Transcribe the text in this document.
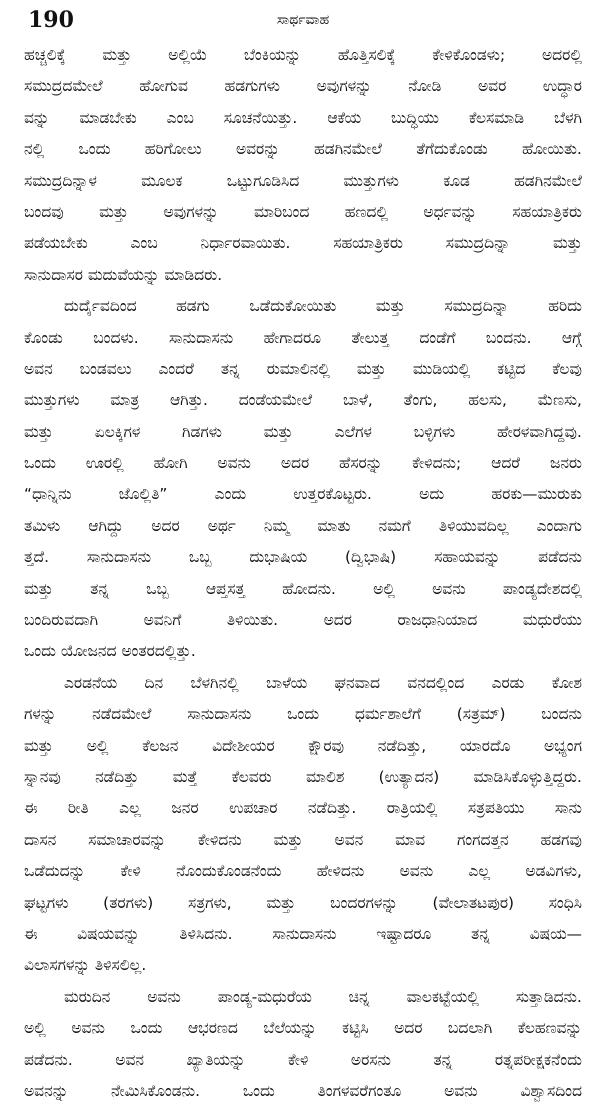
190	ಸಾರ್ಥವಾಹ
ಹಚ್ಚಲಿಕ್ಕೆ ಮತ್ತು ಅಲ್ಲಿಯೆ ಬೆಂಕಿಯನ್ನು ಹೊತ್ತಿಸಲಿಕ್ಕೆ ಕೇಳಿಕೊಂಡಳು; ಅದರಲ್ಲಿ
ಸಮುದ್ರದಮೇಲೆ ಹೋಗುವ ಹಡಗುಗಳು ಅವುಗಳನ್ನು ನೋಡಿ ಅವರ ಉದ್ಧಾರ
ವನ್ನು ಮಾಡಬೇಕು ಎಂಬ ಸೂಚನೆಯಿತ್ತು. ಆಕೆಯ ಬುದ್ಧಿಯು ಕೆಲಸಮಾಡಿ ಬೆಳಗಿ
ನಲ್ಲಿ ಒಂದು ಹರಿಗೋಲು ಅವರನ್ನು ಹಡಗಿನಮೇಲೆ ತೆಗೆದುಕೊಂಡು ಹೋಯಿತು.
ಸಮುದ್ರದಿನ್ನಾಳ ಮೂಲಕ ಒಟ್ಟುಗೂಡಿಸಿದ ಮುತ್ತುಗಳು ಕೂಡ ಹಡಗಿನಮೇಲೆ
ಬಂದವು ಮತ್ತು ಅವುಗಳನ್ನು ಮಾರಿಬಂದ ಹಣದಲ್ಲಿ ಅರ್ಧವನ್ನು ಸಹಯಾತ್ರಿಕರು
ಪಡೆಯಬೇಕು ಎಂಬ ನಿರ್ಧಾರವಾಯಿತು. ಸಹಯಾತ್ರಿಕರು ಸಮುದ್ರದಿನ್ನಾ ಮತ್ತು
ಸಾನುದಾಸರ ಮದುವೆಯನ್ನು ಮಾಡಿದರು.
ದುರ್ದೈವದಿಂದ ಹಡಗು ಒಡೆದುಕೋಯಿತು ಮತ್ತು ಸಮುದ್ರದಿನ್ನಾ ಹರಿದು
ಕೊಂಡು ಬಂದಳು. ಸಾನುದಾಸನು ಹೇಗಾದರೂ ತೇಲುತ್ತ ದಂಡೆಗೆ ಬಂದನು. ಆಗ್ಗೆ
ಅವನ ಬಂಡವಲು ಎಂದರೆ ತನ್ನ ರುಮಾಲಿನಲ್ಲಿ ಮತ್ತು ಮುಡಿಯಲ್ಲಿ ಕಟ್ಟಿದ ಕೆಲವು
ಮುತ್ತುಗಳು ಮಾತ್ರ ಆಗಿತ್ತು. ದಂಡೆಯಮೇಲೆ ಬಾಳೆ, ತೆಂಗು, ಹಲಸು, ಮೆಣಸು,
ಮತ್ತು ಏಲಕ್ಕಿಗಳ ಗಿಡಗಳು ಮತ್ತು ಎಲೆಗಳ ಬಳ್ಳಿಗಳು ಹೇರಳವಾಗಿದ್ದವು.
ಒಂದು ಊರಲ್ಲಿ ಹೋಗಿ ಅವನು ಅದರ ಹೆಸರನ್ನು ಕೇಳಿದನು; ಆದರೆ ಜನರು
“ಧಾನ್ನಿನು ಜೊಲ್ಲಿತಿ” ಎಂದು ಉತ್ತರಕೊಟ್ಟರು. ಅದು ಹರಕು—ಮುರುಕು
ತಮಿಳು ಆಗಿದ್ದು ಅದರ ಅರ್ಥ ನಿಮ್ಮ ಮಾತು ನಮಗೆ ತಿಳಿಯುವದಿಲ್ಲ ಎಂದಾಗು
ತ್ತದೆ. ಸಾನುದಾಸನು ಒಬ್ಬ ದುಭಾಷಿಯ (ದ್ವಿಭಾಷಿ) ಸಹಾಯವನ್ನು ಪಡೆದನು
ಮತ್ತು ತನ್ನ ಒಬ್ಬ ಆಪ್ತಸತ್ತ ಹೋದನು. ಅಲ್ಲಿ ಅವನು ಪಾಂಡ್ಯದೇಶದಲ್ಲಿ
ಬಂದಿರುವದಾಗಿ ಅವನಿಗೆ ತಿಳಿಯಿತು. ಅದರ ರಾಜಧಾನಿಯಾದ ಮಧುರೆಯು
ಒಂದು ಯೋಜನದ ಅಂತರದಲ್ಲಿತ್ತು.
ಎರಡನೆಯ ದಿನ ಬೆಳಗಿನಲ್ಲಿ ಬಾಳೆಯ ಘನವಾದ ವನದಲ್ಲಿಂದ ಎರಡು ಕೋಶ
ಗಳನ್ನು ನಡೆದಮೇಲೆ ಸಾನುದಾಸನು ಒಂದು ಧರ್ಮಶಾಲೆಗೆ (ಸತ್ರಮ್) ಬಂದನು
ಮತ್ತು ಅಲ್ಲಿ ಕೆಲಜನ ವಿದೇಶೀಯರ ಕ್ಷೌರವು ನಡೆದಿತ್ತು, ಯಾರದೊ ಅಭ್ಯಂಗ
ಸ್ನಾನವು ನಡೆದಿತ್ತು ಮತ್ತೆ ಕೆಲವರು ಮಾಲಿಶ (ಉತ್ಯಾದನ) ಮಾಡಿಸಿಕೊಳ್ಳುತ್ತಿದ್ದರು.
ಈ ರೀತಿ ಎಲ್ಲ ಜನರ ಉಪಚಾರ ನಡೆದಿತ್ತು. ರಾತ್ರಿಯಲ್ಲಿ ಸತ್ರಪತಿಯು ಸಾನು
ದಾಸನ ಸಮಾಚಾರವನ್ನು ಕೇಳಿದನು ಮತ್ತು ಅವನ ಮಾವ ಗಂಗದತ್ತನ ಹಡಗವು
ಒಡೆದುದನ್ನು ಕೇಳಿ ನೊಂದುಕೊಂಡನೆಂದು ಹೇಳಿದನು ಅವನು ಎಲ್ಲ ಅಡವಿಗಳು,
ಘಟ್ಟಗಳು (ತರಗಳು) ಸತ್ರಗಳು, ಮತ್ತು ಬಂದರಗಳನ್ನು (ವೇಲಾತಟಪುರ) ಸಂಧಿಸಿ
ಈ ವಿಷಯವನ್ನು ತಿಳಿಸಿದನು. ಸಾನುದಾಸನು ಇಷ್ಟಾದರೂ ತನ್ನ ವಿಷಯ—
ವಿಲಾಸಗಳನ್ನು ತಿಳಿಸಲಿಲ್ಲ.
ಮರುದಿನ ಅವನು ಪಾಂಡ್ಯ-ಮಧುರೆಯ ಚಿನ್ನ ವಾಲಕಟ್ಟೆಯಲ್ಲಿ ಸುತ್ತಾಡಿದನು.
ಅಲ್ಲಿ ಅವನು ಒಂದು ಆಭರಣದ ಬೆಲೆಯನ್ನು ಕಟ್ಟಿಸಿ ಅದರ ಬದಲಾಗಿ ಕೆಲಹಣವನ್ನು
ಪಡೆದನು. ಅವನ ಖ್ಯಾತಿಯನ್ನು ಕೇಳಿ ಅರಸನು ತನ್ನ ರತ್ನಪರೀಕ್ಷಕನೆಂದು
ಅವನನ್ನು ನೇಮಿಸಿಕೊಂಡನು. ಒಂದು ತಿಂಗಳವರೆಗಂತೂ ಅವನು ವಿಶ್ವಾಸದಿಂದ
